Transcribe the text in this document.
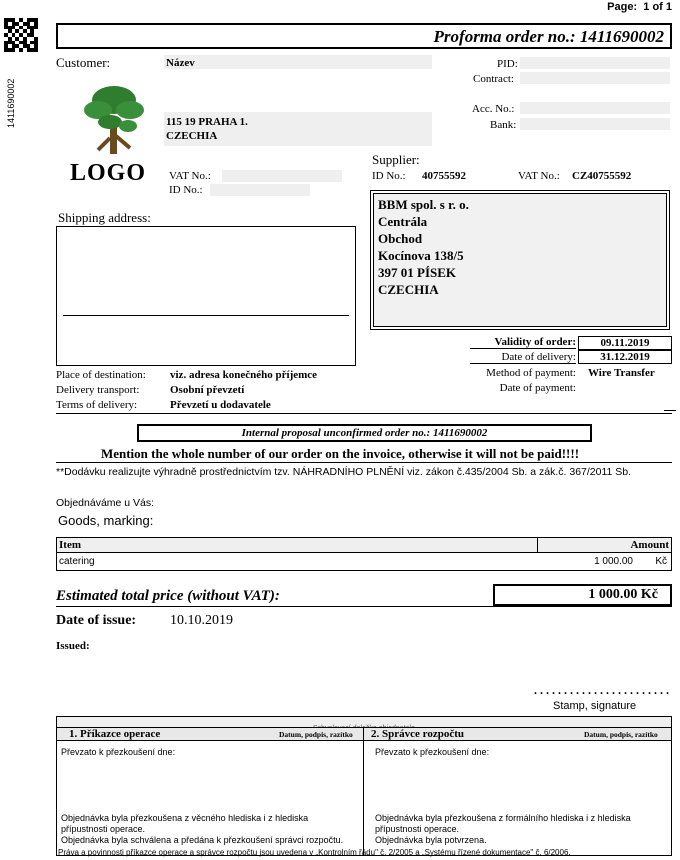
Page: 1 of 1
1411690002
Proforma order no.: 1411690002
Customer:	Název
LOGO
115 19 PRAHA 1.
CZECHIA
VAT No.:
ID No.:
PID:
Contract:
Acc. No.:
Bank:
Supplier:
ID No.: 40755592	VAT No.: CZ40755592
BBM spol. s r. o.
Centrála
Obchod
Kocínova 138/5
397 01 PÍSEK
CZECHIA
Shipping address:
Validity of order:	09.11.2019
Date of delivery:	31.12.2019
Method of payment: Wire Transfer
Date of payment:
Place of destination: viz. adresa konečného příjemce
Delivery transport:	Osobní převzetí
Terms of delivery:	Převzetí u dodavatele
Internal proposal unconfirmed order no.: 1411690002
Mention the whole number of our order on the invoice, otherwise it will not be paid!!!!
**Dodávku realizujte výhradně prostřednictvím tzv. NÁHRADNÍHO PLNĚNÍ viz. zákon č.435/2004 Sb. a zák.č. 367/2011 Sb.
Objednáváme u Vás:
Goods, marking:
Item	Amount
catering	1 000.00 Kč
Estimated total price (without VAT):	1 000.00 Kč
Date of issue: 10.10.2019
Issued:
. . . . . . . . . . . . . . . . . . . . . . .
Stamp, signature
1. Příkazce operace	Datum, podpis, razítko 2. Správce rozpočtu	Datum, podpis, razítko
Převzato k přezkoušení dne:	Převzato k přezkoušení dne:
Objednávka byla přezkoušena z věcného hlediska i z hlediska
přípustnosti operace.
Objednávka byla schválena a předána k přezkoušení správci rozpočtu.
Objednávka byla přezkoušena z formálního hlediska i z hlediska
přípustnosti operace.
Objednávka byla potvrzena.
Práva a povinnosti příkazce operace a správce rozpočtu jsou uvedena v „Kontrolním řádu" č. 2/2005 a „Systému řízené dokumentace" č. 6/2006.
